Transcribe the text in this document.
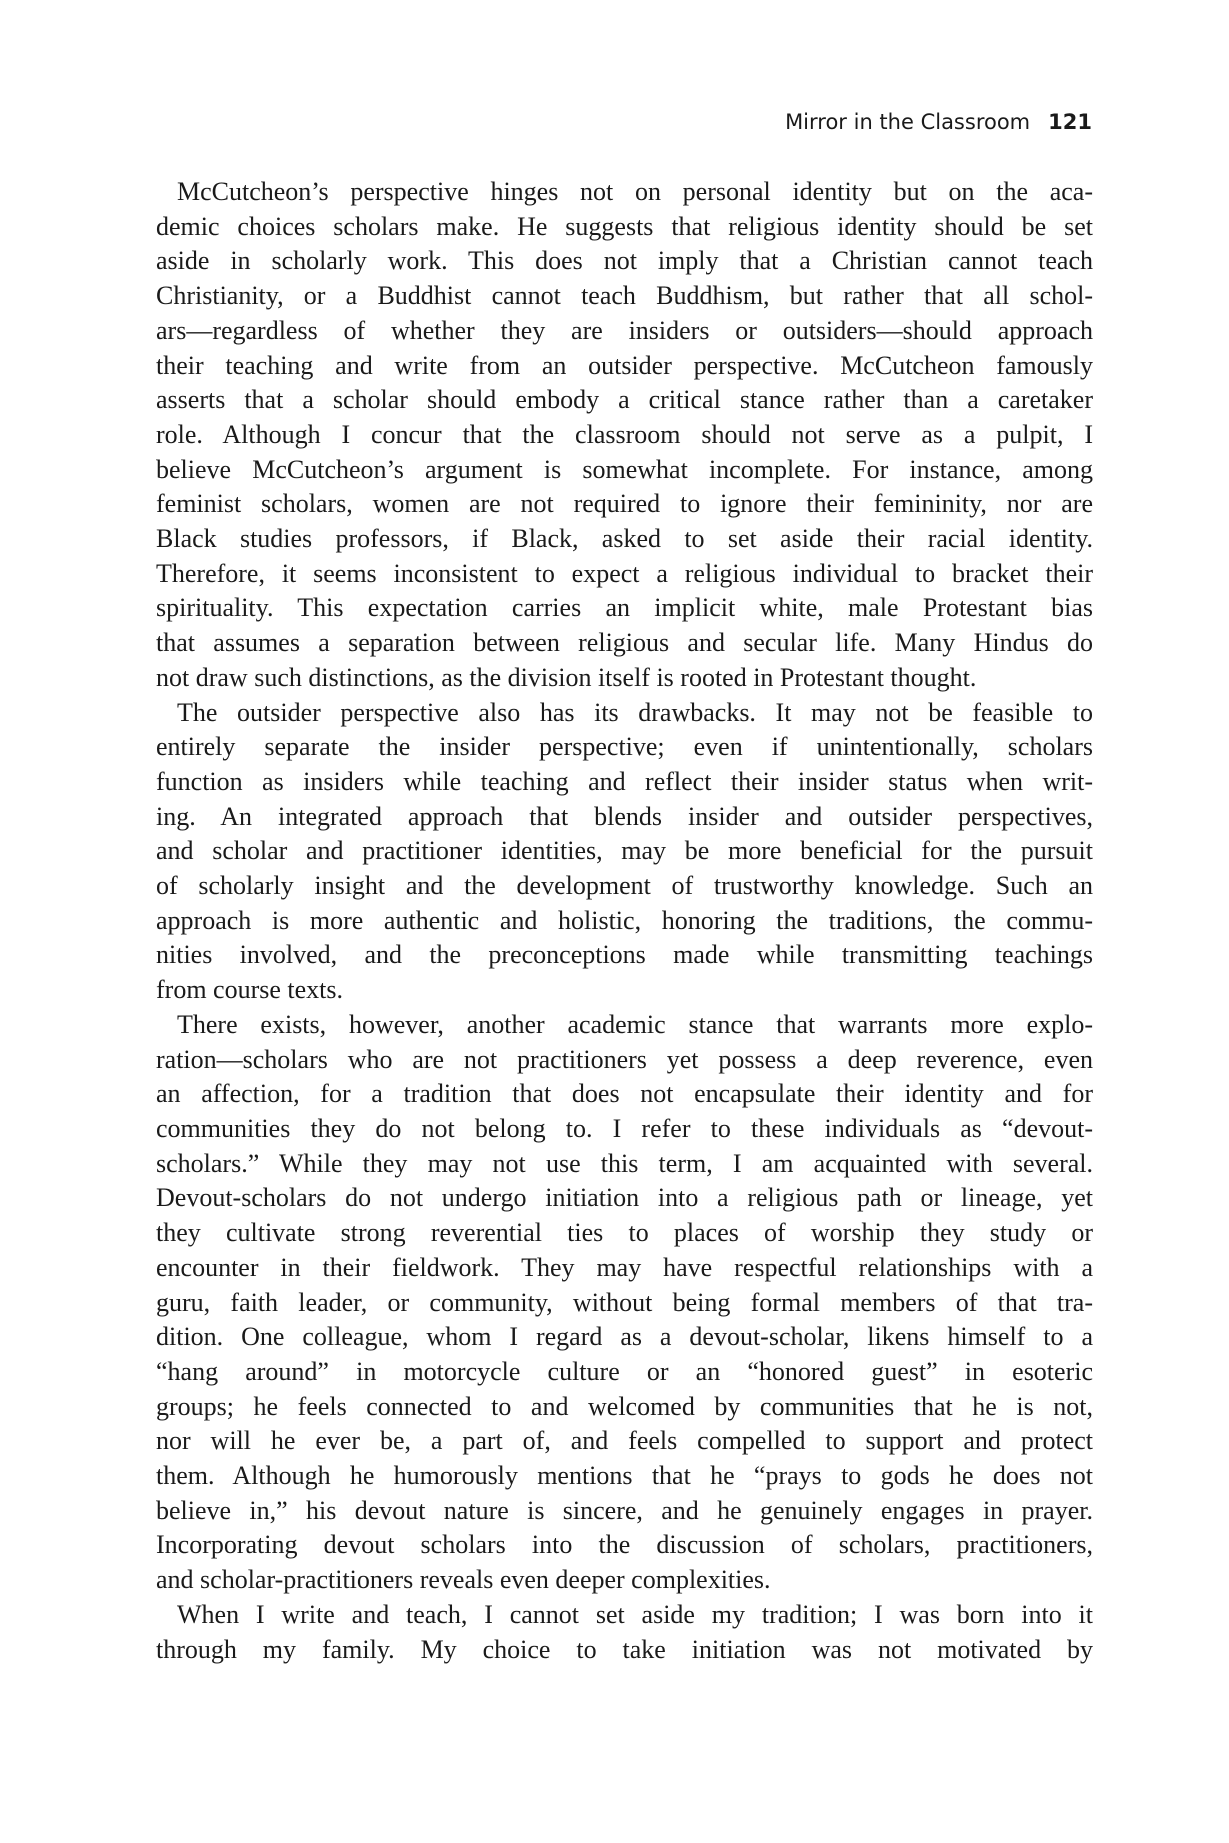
Mirror in the Classroom 121

McCutcheon’s perspective hinges not on personal identity but on the aca-
demic choices scholars make. He suggests that religious identity should be set
aside in scholarly work. This does not imply that a Christian cannot teach
Christianity, or a Buddhist cannot teach Buddhism, but rather that all schol-
ars—regardless of whether they are insiders or outsiders—should approach
their teaching and write from an outsider perspective. McCutcheon famously
asserts that a scholar should embody a critical stance rather than a caretaker
role. Although I concur that the classroom should not serve as a pulpit, I
believe McCutcheon’s argument is somewhat incomplete. For instance, among
feminist scholars, women are not required to ignore their femininity, nor are
Black studies professors, if Black, asked to set aside their racial identity.
Therefore, it seems inconsistent to expect a religious individual to bracket their
spirituality. This expectation carries an implicit white, male Protestant bias
that assumes a separation between religious and secular life. Many Hindus do
not draw such distinctions, as the division itself is rooted in Protestant thought.

The outsider perspective also has its drawbacks. It may not be feasible to
entirely separate the insider perspective; even if unintentionally, scholars
function as insiders while teaching and reflect their insider status when writ-
ing. An integrated approach that blends insider and outsider perspectives,
and scholar and practitioner identities, may be more beneficial for the pursuit
of scholarly insight and the development of trustworthy knowledge. Such an
approach is more authentic and holistic, honoring the traditions, the commu-
nities involved, and the preconceptions made while transmitting teachings
from course texts.

There exists, however, another academic stance that warrants more explo-
ration—scholars who are not practitioners yet possess a deep reverence, even
an affection, for a tradition that does not encapsulate their identity and for
communities they do not belong to. I refer to these individuals as “devout-
scholars.” While they may not use this term, I am acquainted with several.
Devout-scholars do not undergo initiation into a religious path or lineage, yet
they cultivate strong reverential ties to places of worship they study or
encounter in their fieldwork. They may have respectful relationships with a
guru, faith leader, or community, without being formal members of that tra-
dition. One colleague, whom I regard as a devout-scholar, likens himself to a
“hang around” in motorcycle culture or an “honored guest” in esoteric
groups; he feels connected to and welcomed by communities that he is not,
nor will he ever be, a part of, and feels compelled to support and protect
them. Although he humorously mentions that he “prays to gods he does not
believe in,” his devout nature is sincere, and he genuinely engages in prayer.
Incorporating devout scholars into the discussion of scholars, practitioners,
and scholar-practitioners reveals even deeper complexities.

When I write and teach, I cannot set aside my tradition; I was born into it
through my family. My choice to take initiation was not motivated by
